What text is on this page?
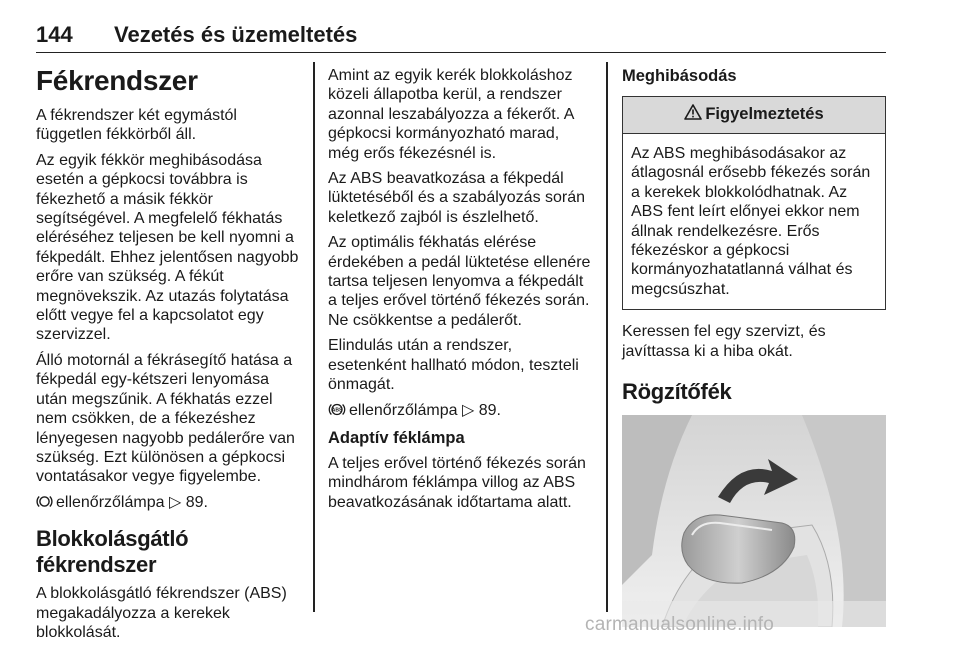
144 Vezetés és üzemeltetés
Fékrendszer

A fékrendszer két egymástól független fékkörből áll.

Az egyik fékkör meghibásodása esetén a gépkocsi továbbra is fékezhető a másik fékkör segítségével. A megfelelő fékhatás eléréséhez teljesen be kell nyomni a fékpedált. Ehhez jelentősen nagyobb erőre van szükség. A fékút megnövekszik. Az utazás folytatása előtt vegye fel a kapcsolatot egy szervizzel.

Álló motornál a fékrásegítő hatása a fékpedál egy-kétszeri lenyomása után megszűnik. A fékhatás ezzel nem csökken, de a fékezéshez lényegesen nagyobb pedálerőre van szükség. Ezt különösen a gépkocsi vontatásakor vegye figyelembe.

ellenőrzőlámpa ▷ 89.

Blokkolásgátló fékrendszer

A blokkolásgátló fékrendszer (ABS) megakadályozza a kerekek blokkolását.

Amint az egyik kerék blokkoláshoz közeli állapotba kerül, a rendszer azonnal leszabályozza a fékerőt. A gépkocsi kormányozható marad, még erős fékezésnél is.

Az ABS beavatkozása a fékpedál lüktetéséből és a szabályozás során keletkező zajból is észlelhető.

Az optimális fékhatás elérése érdekében a pedál lüktetése ellenére tartsa teljesen lenyomva a fékpedált a teljes erővel történő fékezés során. Ne csökkentse a pedálerőt.

Elindulás után a rendszer, esetenként hallható módon, teszteli önmagát.

ABS ellenőrzőlámpa ▷ 89.

Adaptív féklámpa

A teljes erővel történő fékezés során mindhárom féklámpa villog az ABS beavatkozásának időtartama alatt.

Meghibásodás
Figyelmeztetés
Az ABS meghibásodásakor az átlagosnál erősebb fékezés során a kerekek blokkolódhatnak. Az ABS fent leírt előnyei ekkor nem állnak rendelkezésre. Erős fékezéskor a gépkocsi kormányozhatatlanná válhat és megcsúszhat.

Keressen fel egy szervizt, és javíttassa ki a hiba okát.

Rögzítőfék
carmanualsonline.info
